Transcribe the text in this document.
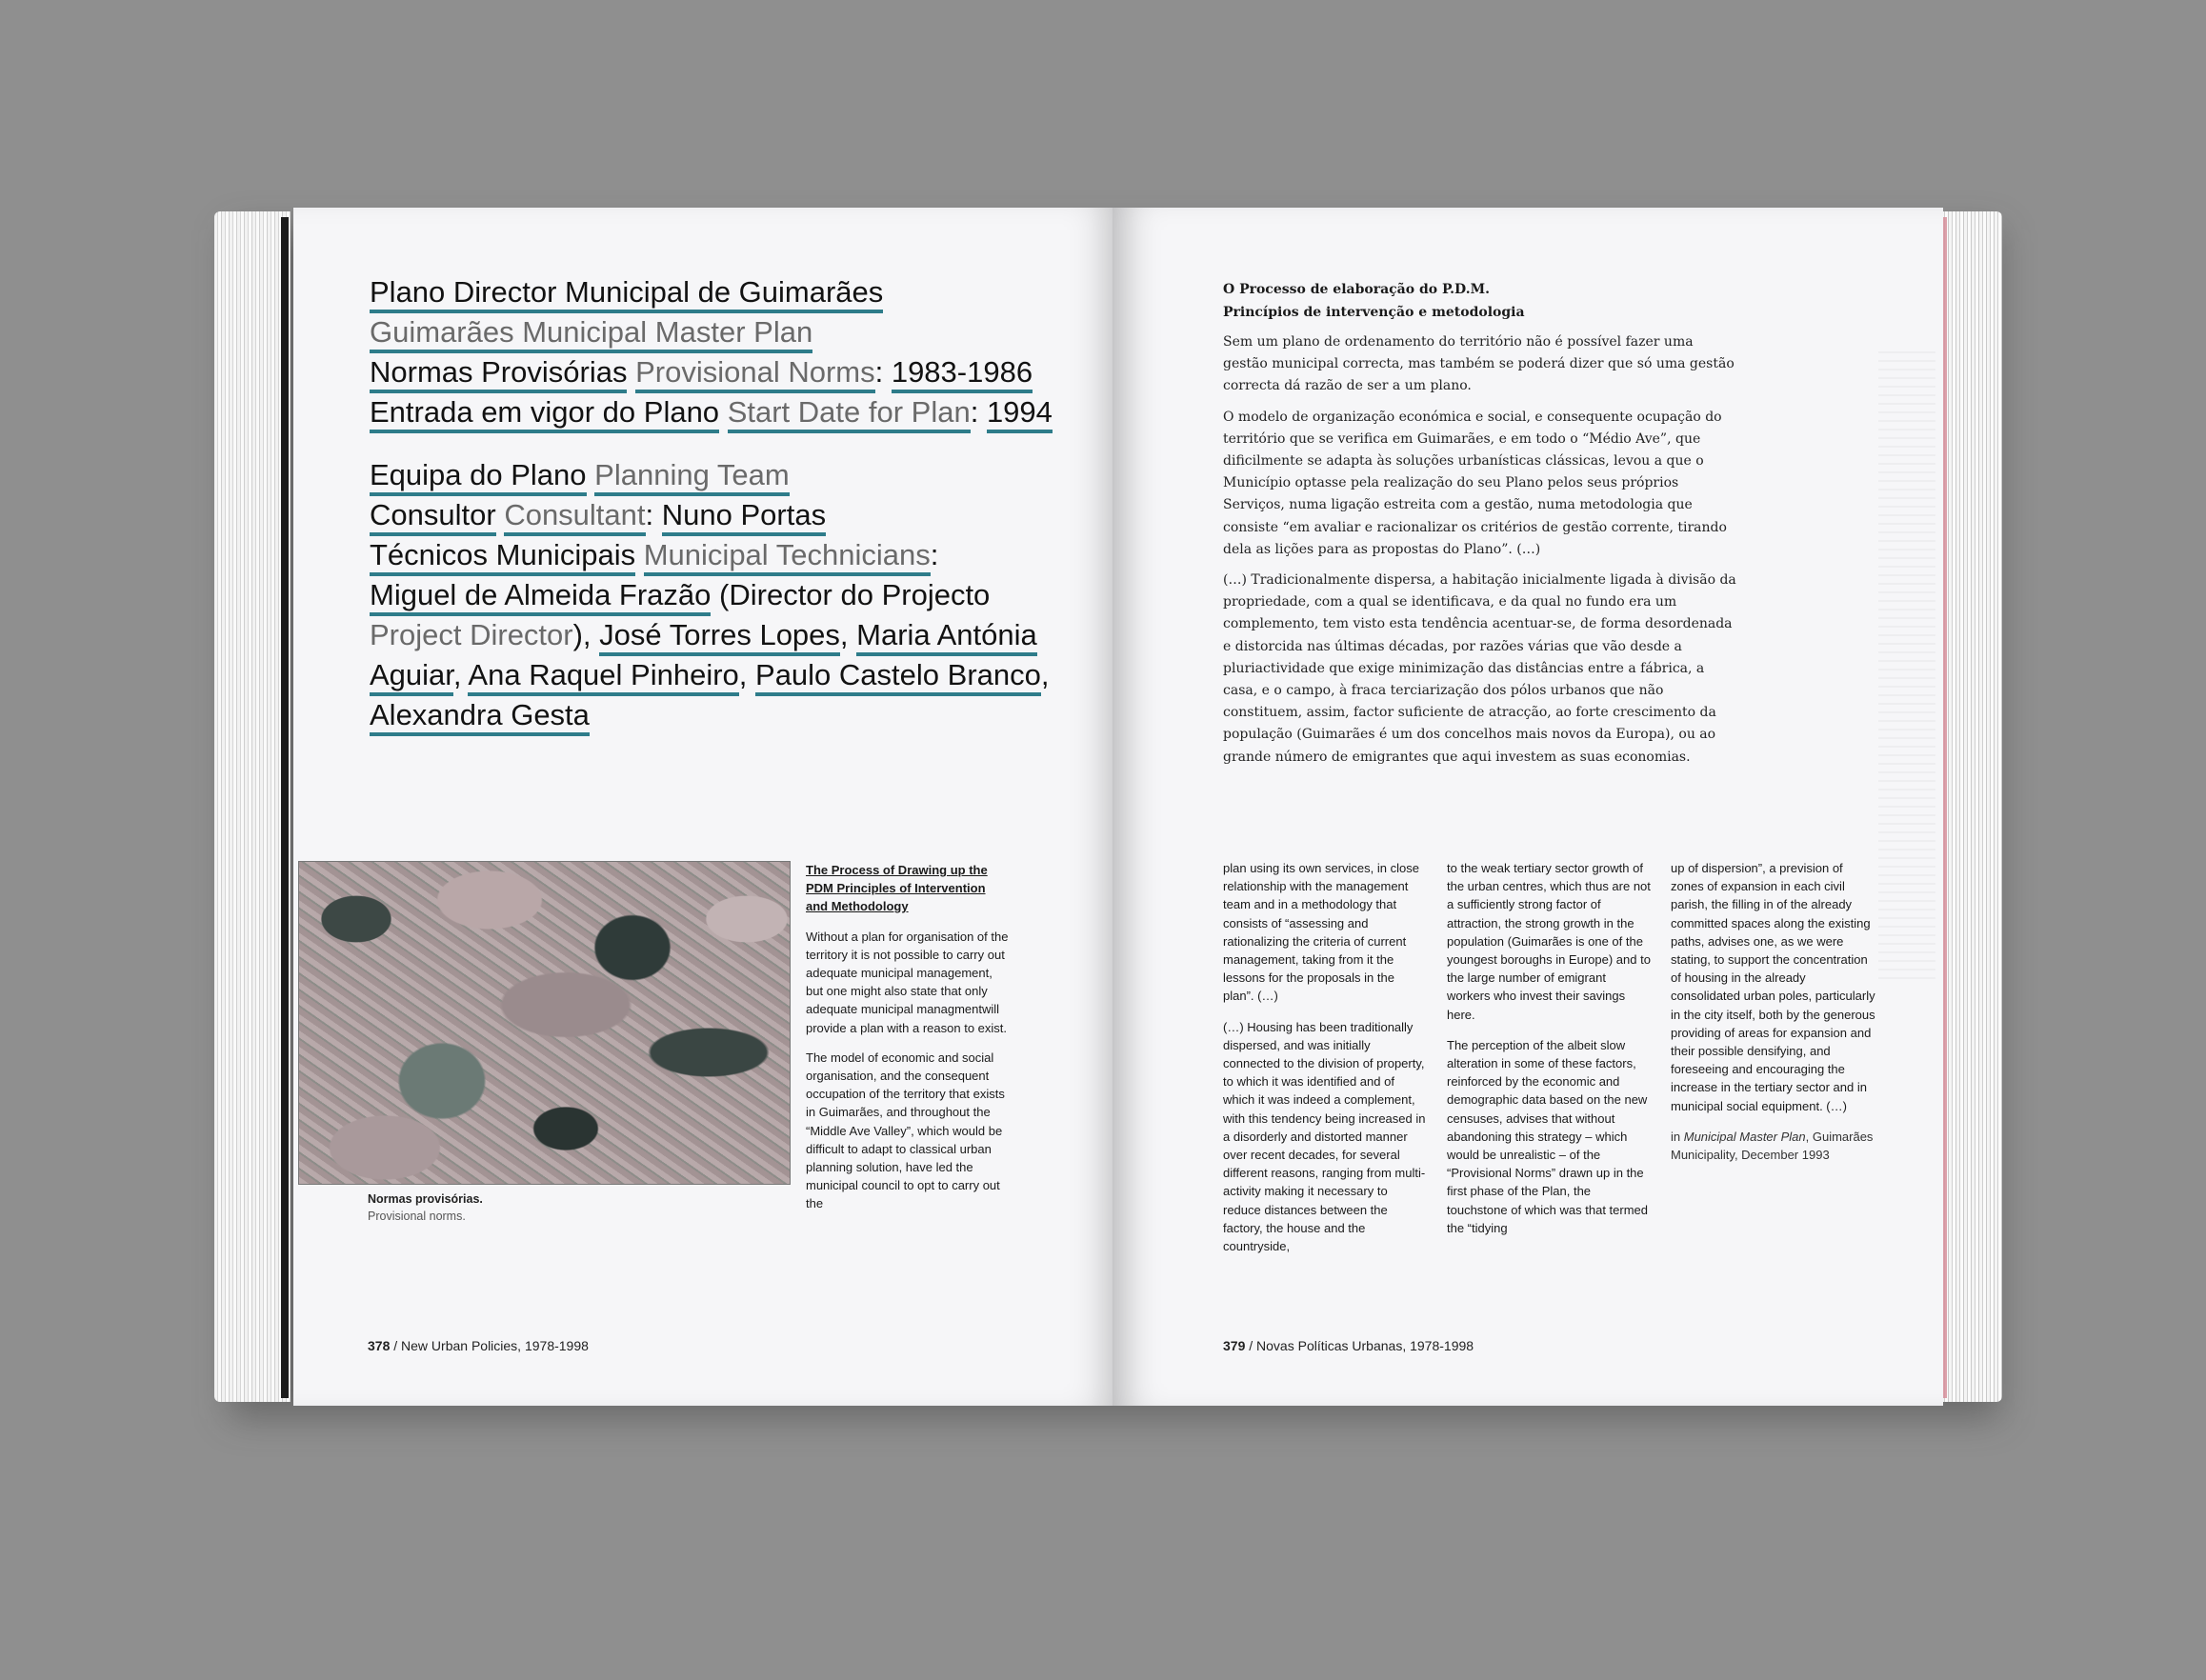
Plano Director Municipal de Guimarães
Guimarães Municipal Master Plan
Normas Provisórias Provisional Norms: 1983-1986
Entrada em vigor do Plano Start Date for Plan: 1994
Equipa do Plano Planning Team
Consultor Consultant: Nuno Portas
Técnicos Municipais Municipal Technicians:
Miguel de Almeida Frazão (Director do Projecto
Project Director), José Torres Lopes, Maria Antónia
Aguiar, Ana Raquel Pinheiro, Paulo Castelo Branco,
Alexandra Gesta
Normas provisórias.
Provisional norms.
The Process of Drawing up the PDM Principles of Intervention and Methodology

Without a plan for organisation of the territory it is not possible to carry out adequate municipal management, but one might also state that only adequate municipal managmentwill provide a plan with a reason to exist.

The model of economic and social organisation, and the consequent occupation of the territory that exists in Guimarães, and throughout the “Middle Ave Valley”, which would be difficult to adapt to classical urban planning solution, have led the municipal council to opt to carry out the

378 / New Urban Policies, 1978-1998
O Processo de elaboração do P.D.M.
Princípios de intervenção e metodologia

Sem um plano de ordenamento do território não é possível fazer uma gestão municipal correcta, mas também se poderá dizer que só uma gestão correcta dá razão de ser a um plano.

O modelo de organização económica e social, e consequente ocupação do território que se verifica em Guimarães, e em todo o “Médio Ave”, que dificilmente se adapta às soluções urbanísticas clássicas, levou a que o Município optasse pela realização do seu Plano pelos seus próprios Serviços, numa ligação estreita com a gestão, numa metodologia que consiste “em avaliar e racionalizar os critérios de gestão corrente, tirando dela as lições para as propostas do Plano”. (…)

(…) Tradicionalmente dispersa, a habitação inicialmente ligada à divisão da propriedade, com a qual se identificava, e da qual no fundo era um complemento, tem visto esta tendência acentuar-se, de forma desordenada e distorcida nas últimas décadas, por razões várias que vão desde a pluriactividade que exige minimização das distâncias entre a fábrica, a casa, e o campo, à fraca terciarização dos pólos urbanos que não constituem, assim, factor suficiente de atracção, ao forte crescimento da população (Guimarães é um dos concelhos mais novos da Europa), ou ao grande número de emigrantes que aqui investem as suas economias.

plan using its own services, in close relationship with the management team and in a methodology that consists of “assessing and rationalizing the criteria of current management, taking from it the lessons for the proposals in the plan”. (…)

(…) Housing has been traditionally dispersed, and was initially connected to the division of property, to which it was identified and of which it was indeed a complement, with this tendency being increased in a disorderly and distorted manner over recent decades, for several different reasons, ranging from multi-activity making it necessary to reduce distances between the factory, the house and the countryside,

to the weak tertiary sector growth of the urban centres, which thus are not a sufficiently strong factor of attraction, the strong growth in the population (Guimarães is one of the youngest boroughs in Europe) and to the large number of emigrant workers who invest their savings here.

The perception of the albeit slow alteration in some of these factors, reinforced by the economic and demographic data based on the new censuses, advises that without abandoning this strategy – which would be unrealistic – of the “Provisional Norms” drawn up in the first phase of the Plan, the touchstone of which was that termed the “tidying

up of dispersion”, a prevision of zones of expansion in each civil parish, the filling in of the already committed spaces along the existing paths, advises one, as we were stating, to support the concentration of housing in the already consolidated urban poles, particularly in the city itself, both by the generous providing of areas for expansion and their possible densifying, and foreseeing and encouraging the increase in the tertiary sector and in municipal social equipment. (…)

in Municipal Master Plan, Guimarães Municipality, December 1993

379 / Novas Políticas Urbanas, 1978-1998
